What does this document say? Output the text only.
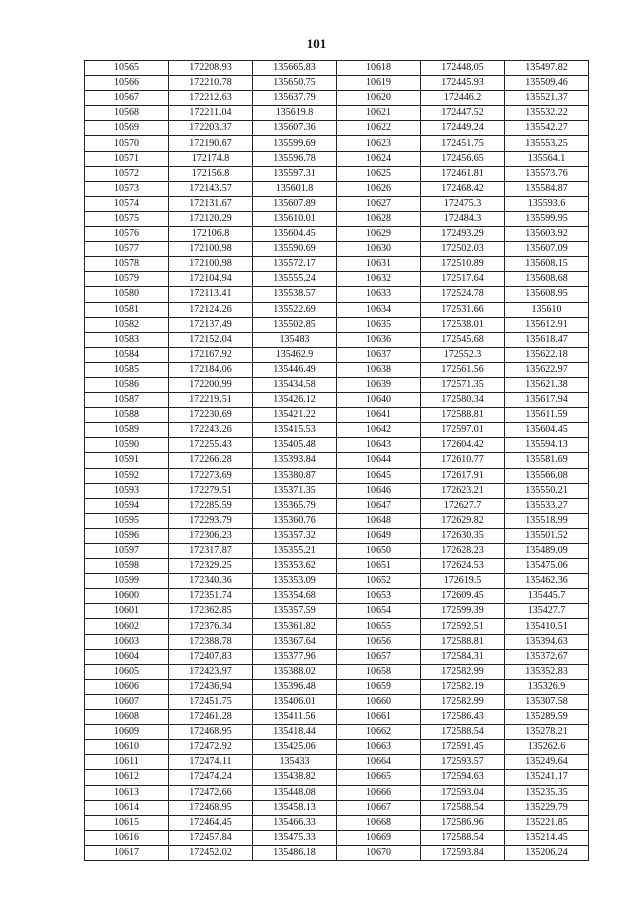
101
10565	172208.93	135665.83	10618	172448.05	135497.82
10566	172210.78	135650.75	10619	172445.93	135509.46
10567	172212.63	135637.79	10620	172446.2	135521.37
10568	172211.04	135619.8	10621	172447.52	135532.22
10569	172203.37	135607.36	10622	172449.24	135542.27
10570	172190.67	135599.69	10623	172451.75	135553.25
10571	172174.8	135596.78	10624	172456.65	135564.1
10572	172156.8	135597.31	10625	172461.81	135573.76
10573	172143.57	135601.8	10626	172468.42	135584.87
10574	172131.67	135607.89	10627	172475.3	135593.6
10575	172120.29	135610.01	10628	172484.3	135599.95
10576	172106.8	135604.45	10629	172493.29	135603.92
10577	172100.98	135590.69	10630	172502.03	135607.09
10578	172100.98	135572.17	10631	172510.89	135608.15
10579	172104.94	135555.24	10632	172517.64	135608.68
10580	172113.41	135538.57	10633	172524.78	135608.95
10581	172124.26	135522.69	10634	172531.66	135610
10582	172137.49	135502.85	10635	172538.01	135612.91
10583	172152.04	135483	10636	172545.68	135618.47
10584	172167.92	135462.9	10637	172552.3	135622.18
10585	172184.06	135446.49	10638	172561.56	135622.97
10586	172200.99	135434.58	10639	172571.35	135621.38
10587	172219.51	135426.12	10640	172580.34	135617.94
10588	172230.69	135421.22	10641	172588.81	135611.59
10589	172243.26	135415.53	10642	172597.01	135604.45
10590	172255.43	135405.48	10643	172604.42	135594.13
10591	172266.28	135393.84	10644	172610.77	135581.69
10592	172273.69	135380.87	10645	172617.91	135566.08
10593	172279.51	135371.35	10646	172623.21	135550.21
10594	172285.59	135365.79	10647	172627.7	135533.27
10595	172293.79	135360.76	10648	172629.82	135518.99
10596	172306.23	135357.32	10649	172630.35	135501.52
10597	172317.87	135355.21	10650	172628.23	135489.09
10598	172329.25	135353.62	10651	172624.53	135475.06
10599	172340.36	135353.09	10652	172619.5	135462.36
10600	172351.74	135354.68	10653	172609.45	135445.7
10601	172362.85	135357.59	10654	172599.39	135427.7
10602	172376.34	135361.82	10655	172592.51	135410.51
10603	172388.78	135367.64	10656	172588.81	135394.63
10604	172407.83	135377.96	10657	172584.31	135372.67
10605	172423.97	135388.02	10658	172582.99	135352.83
10606	172436.94	135396.48	10659	172582.19	135326.9
10607	172451.75	135406.01	10660	172582.99	135307.58
10608	172461.28	135411.56	10661	172586.43	135289.59
10609	172468.95	135418.44	10662	172588.54	135278.21
10610	172472.92	135425.06	10663	172591.45	135262.6
10611	172474.11	135433	10664	172593.57	135249.64
10612	172474.24	135438.82	10665	172594.63	135241.17
10613	172472.66	135448.08	10666	172593.04	135235.35
10614	172468.95	135458.13	10667	172588.54	135229.79
10615	172464.45	135466.33	10668	172586.96	135221.85
10616	172457.84	135475.33	10669	172588.54	135214.45
10617	172452.02	135486.18	10670	172593.84	135206.24
